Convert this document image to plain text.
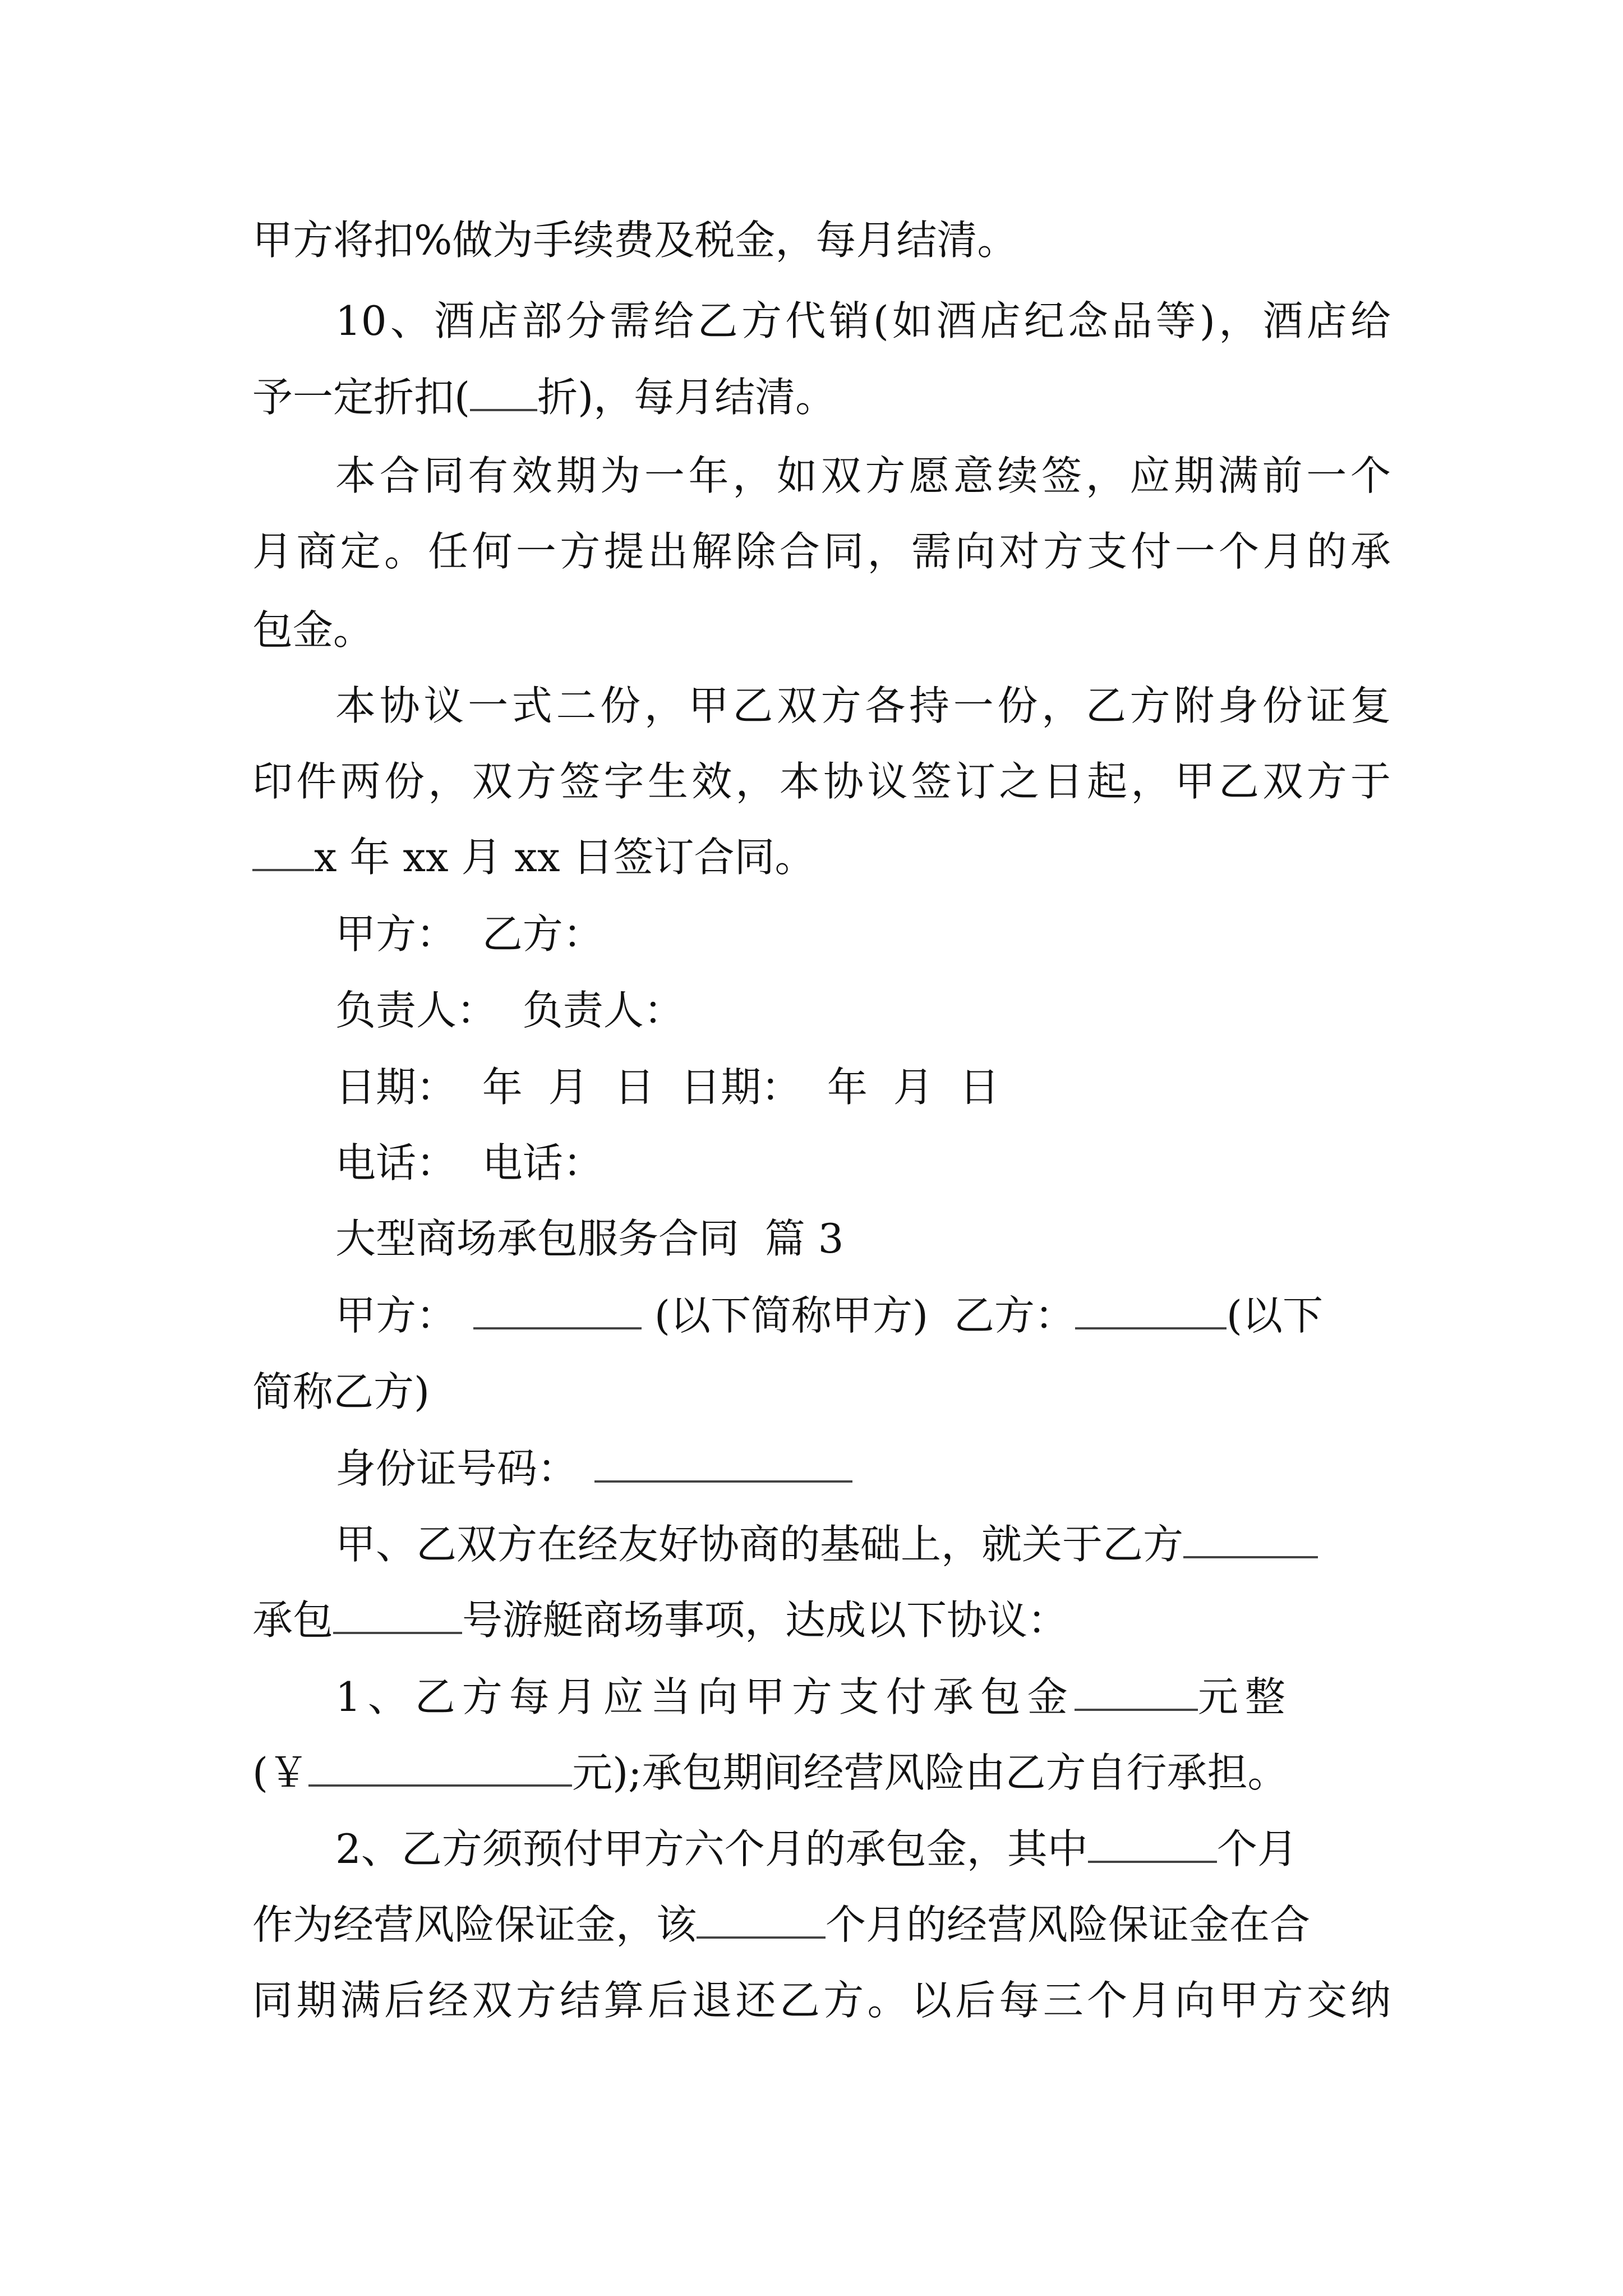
甲方将扣%做为手续费及税金，每月结清。
10、酒店部分需给乙方代销(如酒店纪念品等)，酒店给
予一定折扣( 折)，每月结清。
本合同有效期为一年，如双方愿意续签，应期满前一个
月商定。任何一方提出解除合同，需向对方支付一个月的承
包金。
本协议一式二份，甲乙双方各持一份，乙方附身份证复
印件两份，双方签字生效，本协议签订之日起，甲乙双方于
x 年 xx 月 xx 日签订合同。
甲方：  乙方：
负责人：  负责人：
日期：  年  月  日  日期：  年  月  日
电话：  电话：
大型商场承包服务合同  篇 3
甲方：	(以下简称甲方)  乙方：	(以下
简称乙方)
身份证号码：
甲、乙双方在经友好协商的基础上，就关于乙方
承包	号游艇商场事项，达成以下协议：
1、乙方每月应当向甲方支付承包金	元整
(￥	元);承包期间经营风险由乙方自行承担。
2、乙方须预付甲方六个月的承包金，其中	个月
作为经营风险保证金，该	个月的经营风险保证金在合
同期满后经双方结算后退还乙方。以后每三个月向甲方交纳
